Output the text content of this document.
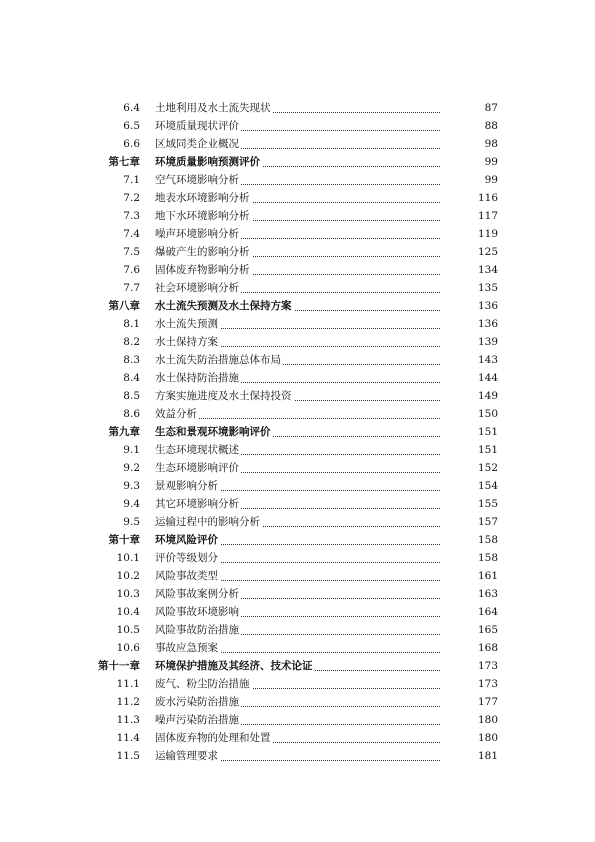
6.4 土地利用及水土流失现状	87
6.5 环境质量现状评价	88
6.6 区域同类企业概况	98
第七章 环境质量影响预测评价	99
7.1 空气环境影响分析	99
7.2 地表水环境影响分析	116
7.3 地下水环境影响分析	117
7.4 噪声环境影响分析	119
7.5 爆破产生的影响分析	125
7.6 固体废弃物影响分析	134
7.7 社会环境影响分析	135
第八章 水土流失预测及水土保持方案	136
8.1 水土流失预测	136
8.2 水土保持方案	139
8.3 水土流失防治措施总体布局	143
8.4 水土保持防治措施	144
8.5 方案实施进度及水土保持投资	149
8.6 效益分析	150
第九章 生态和景观环境影响评价	151
9.1 生态环境现状概述	151
9.2 生态环境影响评价	152
9.3 景观影响分析	154
9.4 其它环境影响分析	155
9.5 运输过程中的影响分析	157
第十章 环境风险评价	158
10.1 评价等级划分	158
10.2 风险事故类型	161
10.3 风险事故案例分析	163
10.4 风险事故环境影响	164
10.5 风险事故防治措施	165
10.6 事故应急预案	168
第十一章 环境保护措施及其经济、技术论证	173
11.1 废气、粉尘防治措施	173
11.2 废水污染防治措施	177
11.3 噪声污染防治措施	180
11.4 固体废弃物的处理和处置	180
11.5 运输管理要求	181
